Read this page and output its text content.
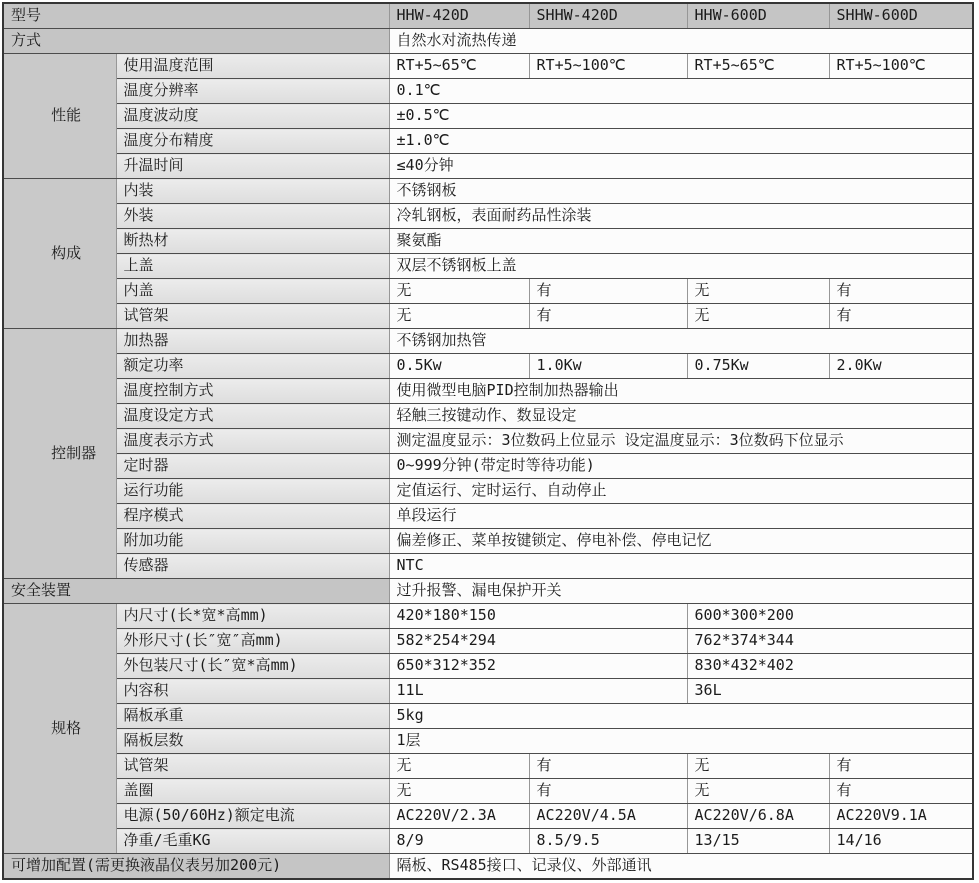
型号		HHW-420D	SHHW-420D	HHW-600D	SHHW-600D
方式		自然水对流热传递			
性能	使用温度范围	RT+5~65℃	RT+5~100℃	RT+5~65℃	RT+5~100℃
	温度分辨率	0.1℃			
	温度波动度	±0.5℃			
	温度分布精度	±1.0℃			
	升温时间	≤40分钟			
构成	内装	不锈钢板			
	外装	冷轧钢板，表面耐药品性涂装			
	断热材	聚氨酯			
	上盖	双层不锈钢板上盖			
	内盖	无	有	无	有
	试管架	无	有	无	有
控制器	加热器	不锈钢加热管			
	额定功率	0.5Kw	1.0Kw	0.75Kw	2.0Kw
	温度控制方式	使用微型电脑PID控制加热器输出			
	温度设定方式	轻触三按键动作、数显设定			
	温度表示方式	测定温度显示：3位数码上位显示 设定温度显示：3位数码下位显示			
	定时器	0~999分钟(带定时等待功能)			
	运行功能	定值运行、定时运行、自动停止			
	程序模式	单段运行			
	附加功能	偏差修正、菜单按键锁定、停电补偿、停电记忆			
	传感器	NTC			
安全装置		过升报警、漏电保护开关			
规格	内尺寸(长*宽*高mm)	420*180*150		600*300*200	
	外形尺寸(长″宽″高mm)	582*254*294		762*374*344	
	外包装尺寸(长″宽*高mm)	650*312*352		830*432*402	
	内容积	11L		36L	
	隔板承重	5kg			
	隔板层数	1层			
	试管架	无	有	无	有
	盖圈	无	有	无	有
	电源(50/60Hz)额定电流	AC220V/2.3A	AC220V/4.5A	AC220V/6.8A	AC220V9.1A
	净重/毛重KG	8/9	8.5/9.5	13/15	14/16
可增加配置(需更换液晶仪表另加200元)		隔板、RS485接口、记录仪、外部通讯			
